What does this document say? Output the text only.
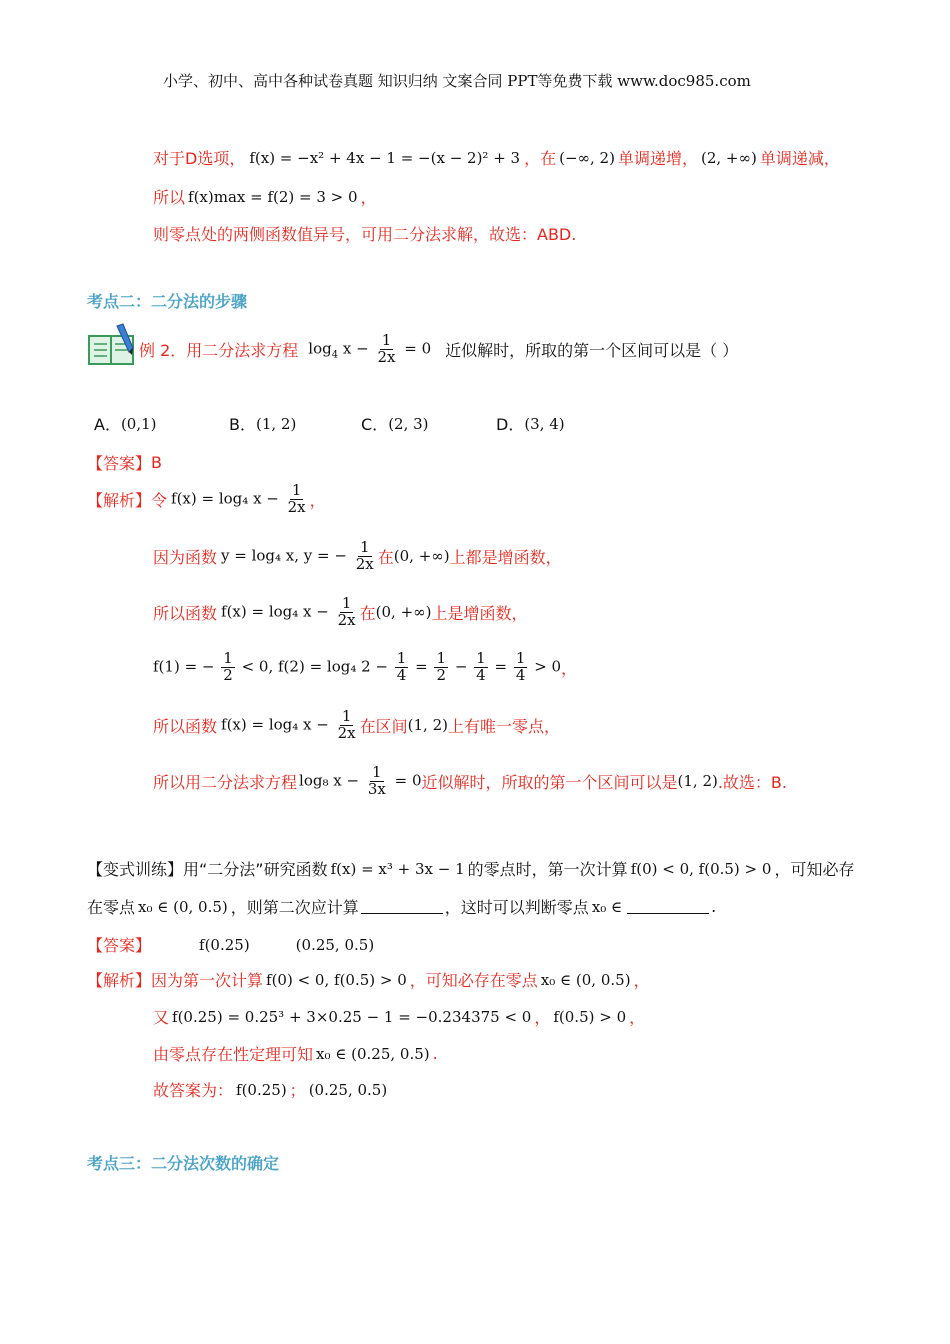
小学、初中、高中各种试卷真题 知识归纳 文案合同 PPT等免费下载 www.doc985.com
对于D选项， f(x) = −x² + 4x − 1 = −(x − 2)² + 3 ，在 (−∞, 2) 单调递增， (2, +∞) 单调递减，
所以 f(x)max = f(2) = 3 > 0 ，
则零点处的两侧函数值异号，可用二分法求解，故选：ABD.
考点二：二分法的步骤
例 2．用二分法求方程 $\log_4 x - \frac{1}{2x} = 0$ 近似解时，所取的第一个区间可以是（ ）
A． (0,1)	B． (1, 2)	C． (2, 3)	D． (3, 4)
【答案】 B
【解析】 令 f(x) = log₄ $x - \frac{1}{2x}$ ，
因为函数 y = log₄ x, y = − $\frac{1}{2x}$ 在 (0, +∞) 上都是增函数，
所以函数 f(x) = log₄ $x - \frac{1}{2x}$ 在 (0, +∞) 上是增函数，
f(1) = − $\frac{1}{2} < 0$, f(2) = log₄ $2 - \frac{1}{4} = \frac{1}{2} - \frac{1}{4} = \frac{1}{4} > 0$ ，
所以函数 f(x) = log₄ $x - \frac{1}{2x}$ 在区间 (1, 2) 上有唯一零点，
所以用二分法求方程 log₈ $x - \frac{1}{3x} = 0$ 近似解时，所取的第一个区间可以是 (1, 2) .故选：B.
【变式训练】 用“二分法”研究函数 f(x) = x³ + 3x − 1 的零点时，第一次计算 f(0) < 0, f(0.5) > 0 ，可知必存
在零点 x₀ ∈ (0, 0.5) ，则第二次应计算	，这时可以判断零点 x₀ ∈	.
【答案】	f(0.25)	(0.25, 0.5)
【解析】 因为第一次计算 f(0) < 0, f(0.5) > 0 ，可知必存在零点 x₀ ∈ (0, 0.5) ，
又 f(0.25) = 0.25³ + 3×0.25 − 1 = −0.234375 < 0 ， f(0.5) > 0 ，
由零点存在性定理可知 x₀ ∈ (0.25, 0.5) .
故答案为： f(0.25) ； (0.25, 0.5)
考点三：二分法次数的确定
